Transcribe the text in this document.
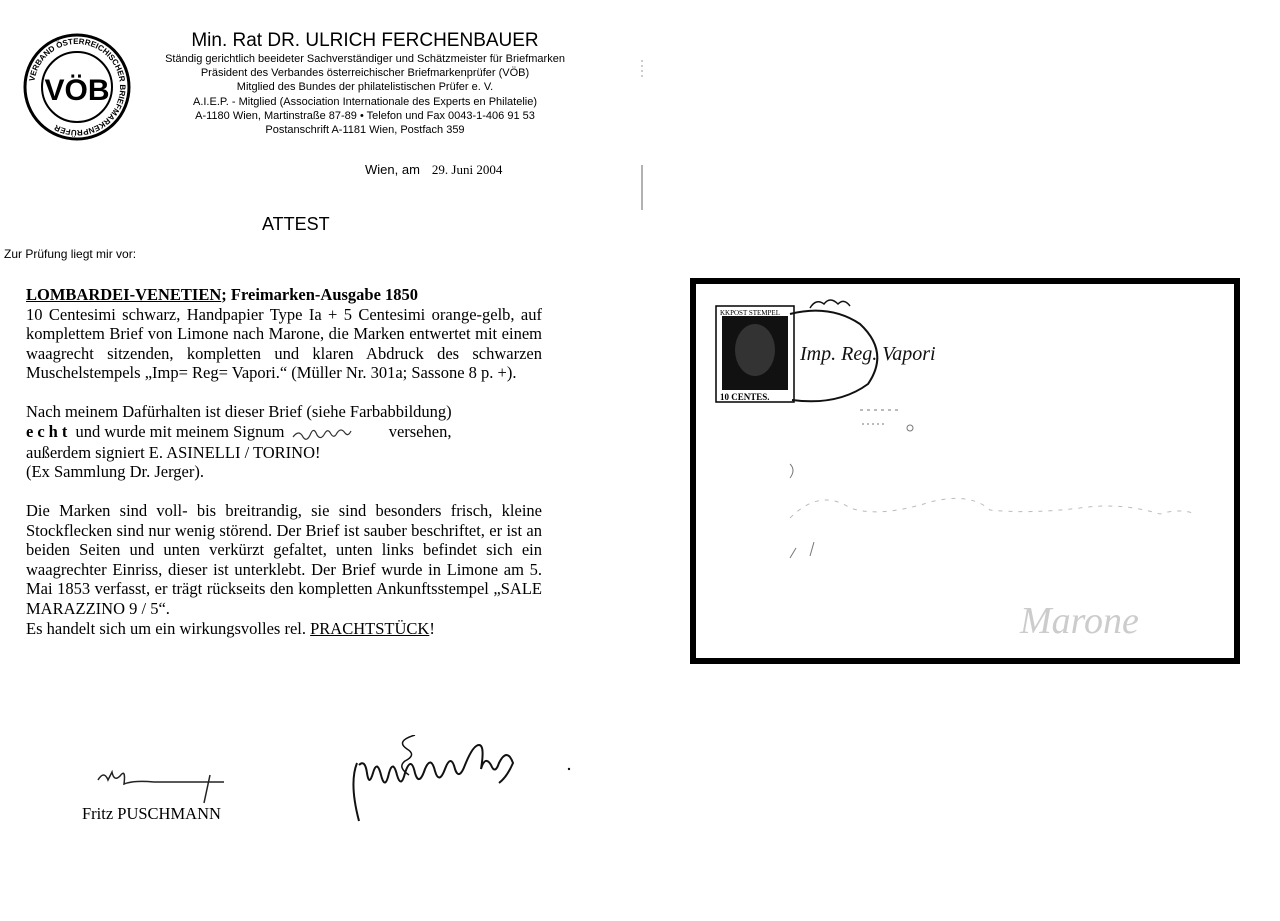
VERBAND ÖSTERREICHISCHER BRIEFMARKENPRÜFER
VÖB
Min. Rat DR. ULRICH FERCHENBAUER
Ständig gerichtlich beeideter Sachverständiger und Schätzmeister für Briefmarken
Präsident des Verbandes österreichischer Briefmarkenprüfer (VÖB)
Mitglied des Bundes der philatelistischen Prüfer e. V.
A.I.E.P. - Mitglied (Association Internationale des Experts en Philatelie)
A-1180 Wien, Martinstraße 87-89 • Telefon und Fax 0043-1-406 91 53
Postanschrift A-1181 Wien, Postfach 359
Wien, am 29. Juni 2004
ATTEST
Zur Prüfung liegt mir vor:

LOMBARDEI-VENETIEN; Freimarken-Ausgabe 1850

10 Centesimi schwarz, Handpapier Type Ia + 5 Centesimi orange-gelb, auf komplettem Brief von Limone nach Marone, die Marken entwertet mit einem waagrecht sitzenden, kompletten und klaren Abdruck des schwarzen Muschelstempels „Imp= Reg= Vapori.“ (Müller Nr. 301a; Sassone 8 p. +).

Nach meinem Dafürhalten ist dieser Brief (siehe Farbabbildung)
echt und wurde mit meinem Signum	versehen,
außerdem signiert E. ASINELLI / TORINO!
(Ex Sammlung Dr. Jerger).

Die Marken sind voll- bis breitrandig, sie sind besonders frisch, kleine Stockflecken sind nur wenig störend. Der Brief ist sauber beschriftet, er ist an beiden Seiten und unten verkürzt gefaltet, unten links befindet sich ein waagrechter Einriss, dieser ist unterklebt. Der Brief wurde in Limone am 5. Mai 1853 verfasst, er trägt rückseits den kompletten Ankunftsstempel „SALE MARAZZINO 9 / 5“.

Es handelt sich um ein wirkungsvolles rel. PRACHTSTÜCK!

Fritz PUSCHMANN
KKPOST STEMPEL
10 CENTES.
Imp. Reg. Vapori
Marone
